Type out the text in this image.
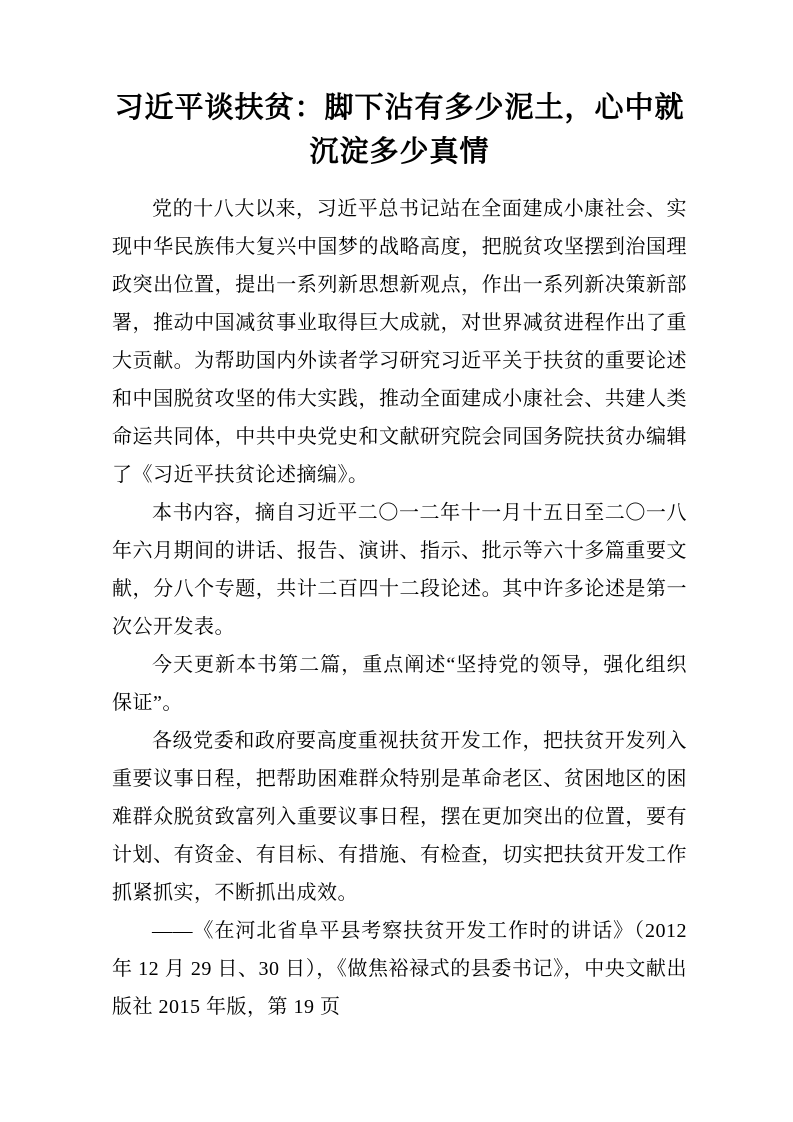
习近平谈扶贫：脚下沾有多少泥土，心中就沉淀多少真情

党的十八大以来，习近平总书记站在全面建成小康社会、实现中华民族伟大复兴中国梦的战略高度，把脱贫攻坚摆到治国理政突出位置，提出一系列新思想新观点，作出一系列新决策新部署，推动中国减贫事业取得巨大成就，对世界减贫进程作出了重大贡献。为帮助国内外读者学习研究习近平关于扶贫的重要论述和中国脱贫攻坚的伟大实践，推动全面建成小康社会、共建人类命运共同体，中共中央党史和文献研究院会同国务院扶贫办编辑了《习近平扶贫论述摘编》。

本书内容，摘自习近平二〇一二年十一月十五日至二〇一八年六月期间的讲话、报告、演讲、指示、批示等六十多篇重要文献，分八个专题，共计二百四十二段论述。其中许多论述是第一次公开发表。

今天更新本书第二篇，重点阐述“坚持党的领导，强化组织保证”。

各级党委和政府要高度重视扶贫开发工作，把扶贫开发列入重要议事日程，把帮助困难群众特别是革命老区、贫困地区的困难群众脱贫致富列入重要议事日程，摆在更加突出的位置，要有计划、有资金、有目标、有措施、有检查，切实把扶贫开发工作抓紧抓实，不断抓出成效。

——《在河北省阜平县考察扶贫开发工作时的讲话》（2012 年 12 月 29 日、30 日），《做焦裕禄式的县委书记》，中央文献出版社 2015 年版，第 19 页
